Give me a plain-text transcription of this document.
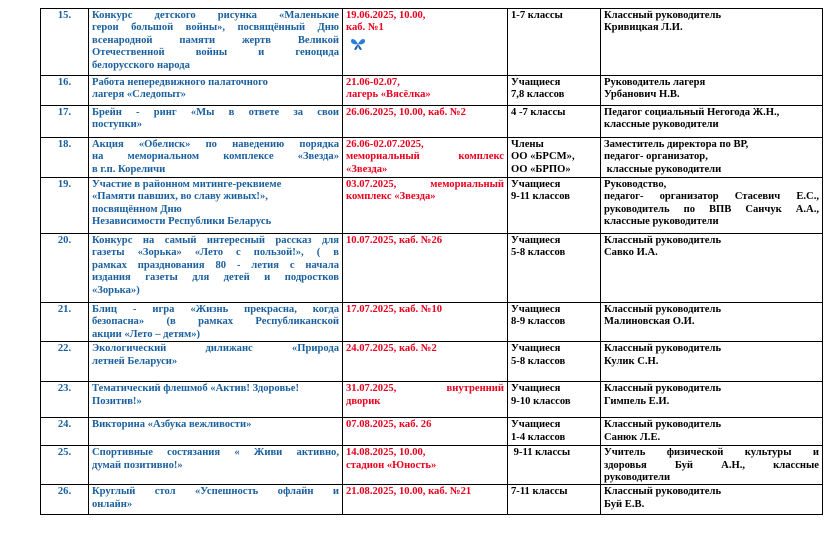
15.	Конкурс детского рисунка «Маленькие
герои большой войны», посвящённый Дню
всенародной памяти жертв Великой
Отечественной войны и геноцида
белорусского народа	19.06.2025, 10.00,
каб. №1	1-7 классы	Классный руководитель
Кривицкая Л.И.

16.	Работа непередвижного палаточного
лагеря «Следопыт»	21.06-02.07,
лагерь «Вясёлка»	Учащиеся
7,8 классов	Руководитель лагеря
Урбанович Н.В.

17.	Брейн - ринг «Мы в ответе за свои
поступки»	26.06.2025, 10.00, каб. №2	4 -7 классы	Педагог социальный Негогода Ж.Н.,
классные руководители

18.	Акция «Обелиск» по наведению порядка
на мемориальном комплексе «Звезда»
в г.п. Кореличи	26.06-02.07.2025,
мемориальный комплекс
«Звезда»	Члены
ОО «БРСМ»,
ОО «БРПО»	Заместитель директора по ВР,
педагог- организатор,
классные руководители

19.	Участие в районном митинге-реквиеме
«Памяти павших, во славу живых!»,
посвящённом Дню
Независимости Республики Беларусь	03.07.2025, мемориальный
комплекс «Звезда»	Учащиеся
9-11 классов	Руководство,
педагог- организатор Стасевич Е.С.,
руководитель по ВПВ Санчук А.А.,
классные руководители

20.	Конкурс на самый интересный рассказ для
газеты «Зорька» «Лето с пользой!», ( в
рамках празднования 80 - летия с начала
издания газеты для детей и подростков
«Зорька»)	10.07.2025, каб. №26	Учащиеся
5-8 классов	Классный руководитель
Савко И.А.

21.	Блиц - игра «Жизнь прекрасна, когда
безопасна» (в рамках Республиканской
акции «Лето – детям»)	17.07.2025, каб. №10	Учащиеся
8-9 классов	Классный руководитель
Малиновская О.И.

22.	Экологический дилижанс «Природа
летней Беларуси»	24.07.2025, каб. №2	Учащиеся
5-8 классов	Классный руководитель
Кулик С.Н.

23.	Тематический флешмоб «Актив! Здоровье!
Позитив!»	31.07.2025, внутренний
дворик	Учащиеся
9-10 классов	Классный руководитель
Гимпель Е.И.

24.	Викторина «Азбука вежливости»	07.08.2025, каб. 26	Учащиеся
1-4 классов	Классный руководитель
Санюк Л.Е.

25.	Спортивные состязания « Живи активно,
думай позитивно!»	14.08.2025, 10.00,
стадион «Юность»	9-11 классы	Учитель физической культуры и
здоровья Буй А.Н., классные
руководители

26.	Круглый стол «Успешность офлайн и
онлайн»	21.08.2025, 10.00, каб. №21	7-11 классы	Классный руководитель
Буй Е.В.
